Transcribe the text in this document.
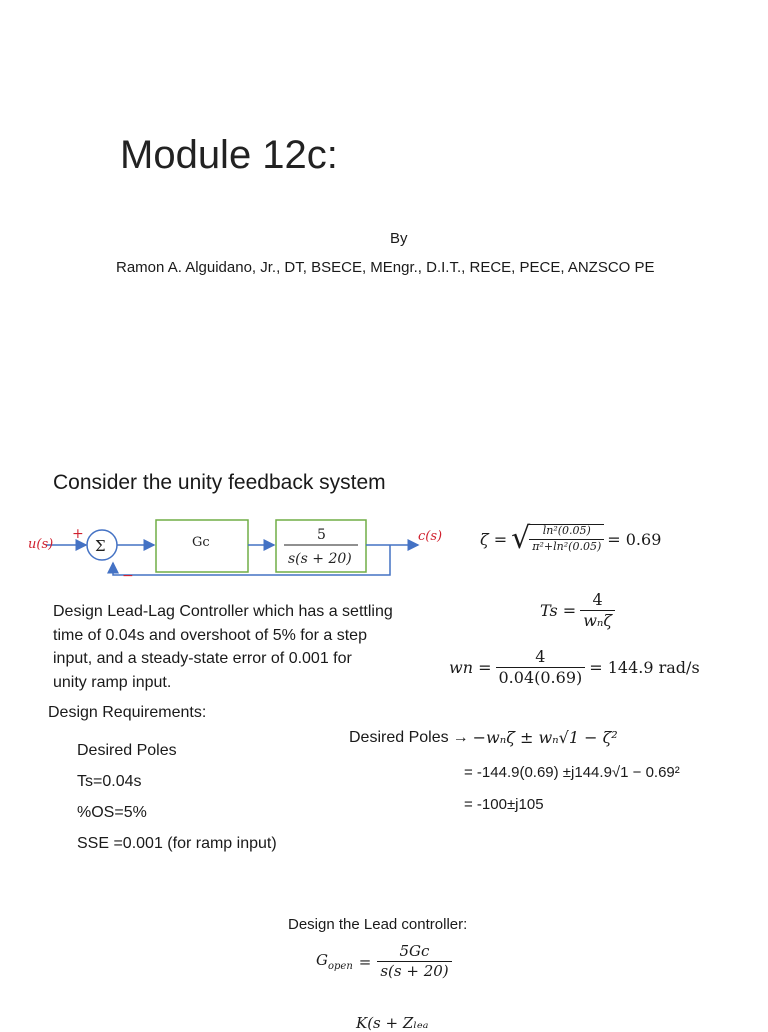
Module 12c:
By
Ramon A. Alguidano, Jr., DT, BSECE, MEngr., D.I.T., RECE, PECE, ANZSCO PE
Consider the unity feedback system
u(s)
c(s)
+
−
Σ	Gc	5
s(s + 20)
Design Lead-Lag Controller which has a settling
time of 0.04s and overshoot of 5% for a step
input, and a steady-state error of 0.001 for
unity ramp input.
Design Requirements:
Desired Poles
Ts=0.04s
%OS=5%
SSE =0.001 (for ramp input)
ζ = √ $\frac{\text{ln²(0.05)}}{\text{π²+ln²(0.05)}} = 0.69$
$Ts = \frac{4}{\text{wₙζ}}$
wn = $\frac{4}{0.04(0.69)} = 144.9$ rad/s
Desired Poles → −wₙζ ± wₙ√1 − ζ²
= -144.9(0.69) ±j144.9√1 − 0.69²
= -100±j105
Design the Lead controller:
$G_{open} = \frac{5Gc}{s(s + 20)}$
K(s + Zₗₑₐ
